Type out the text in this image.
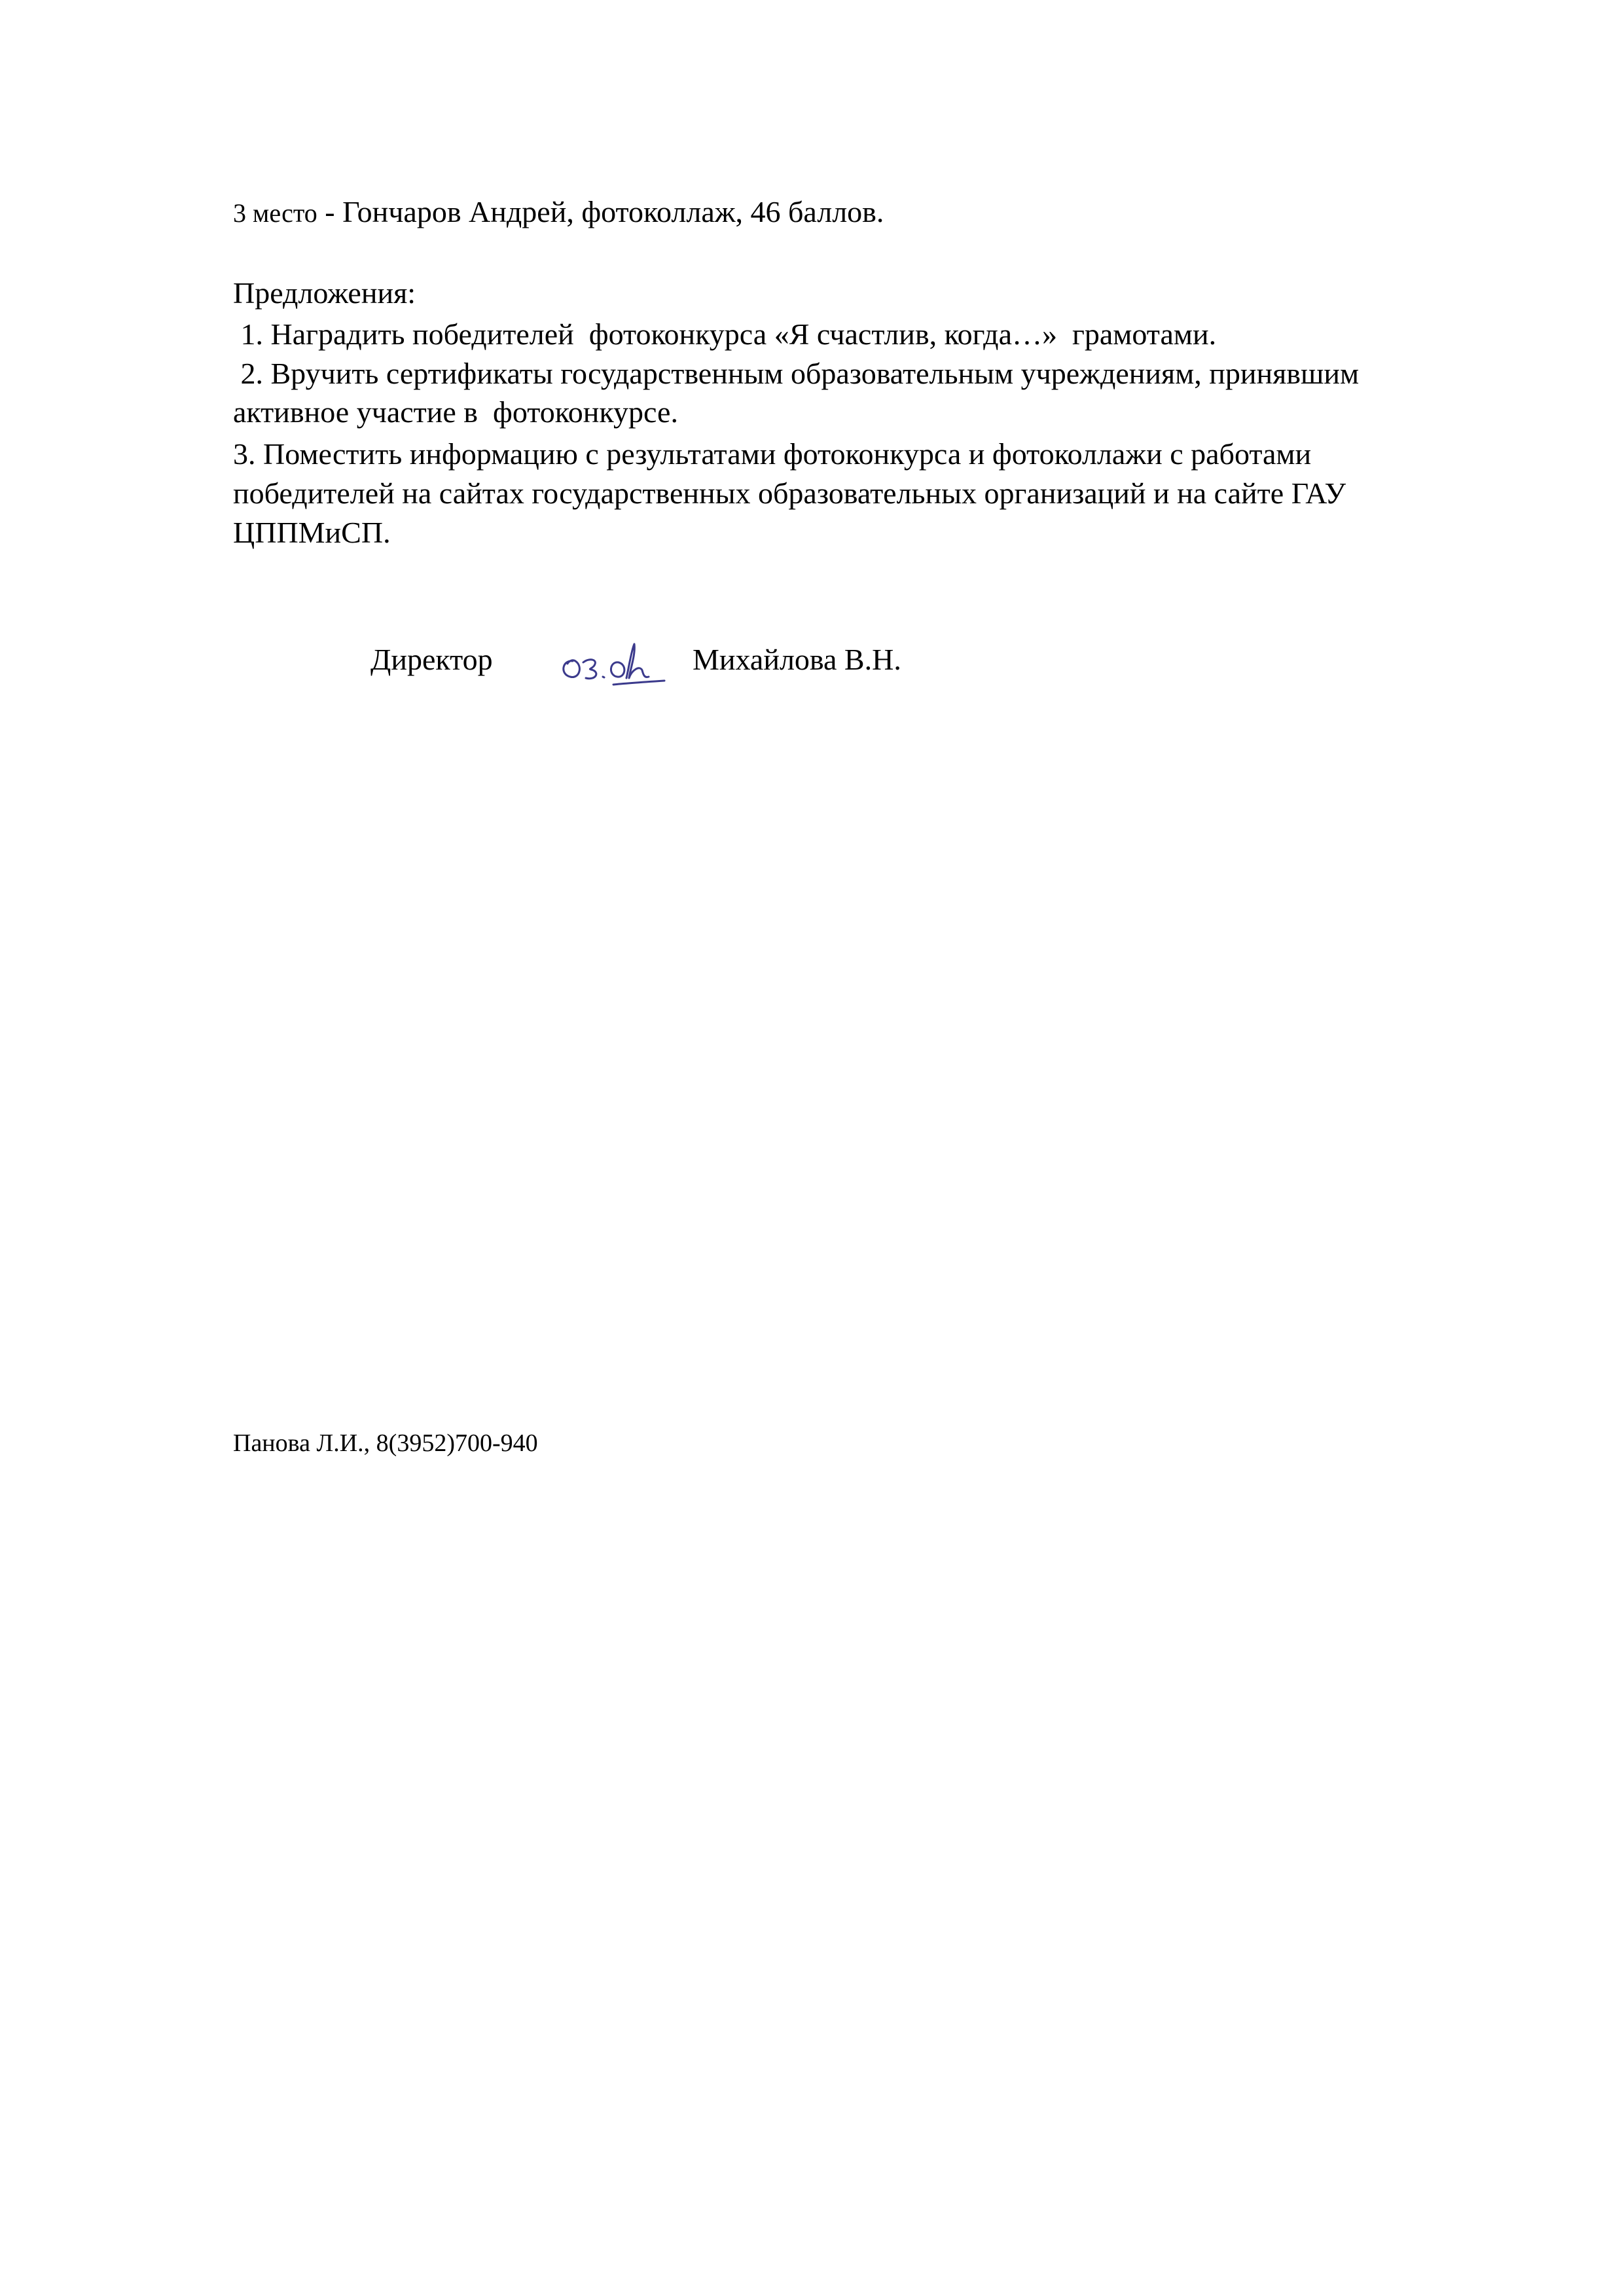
3 место - Гончаров Андрей, фотоколлаж, 46 баллов.
Предложения:
1. Наградить победителей  фотоконкурса «Я счастлив, когда…»  грамотами.
2. Вручить сертификаты государственным образовательным учреждениям, принявшим
активное участие в  фотоконкурсе.
3. Поместить информацию с результатами фотоконкурса и фотоколлажи с работами
победителей на сайтах государственных образовательных организаций и на сайте ГАУ
ЦППМиСП.
Директор	Михайлова В.Н.
Панова Л.И., 8(3952)700-940
